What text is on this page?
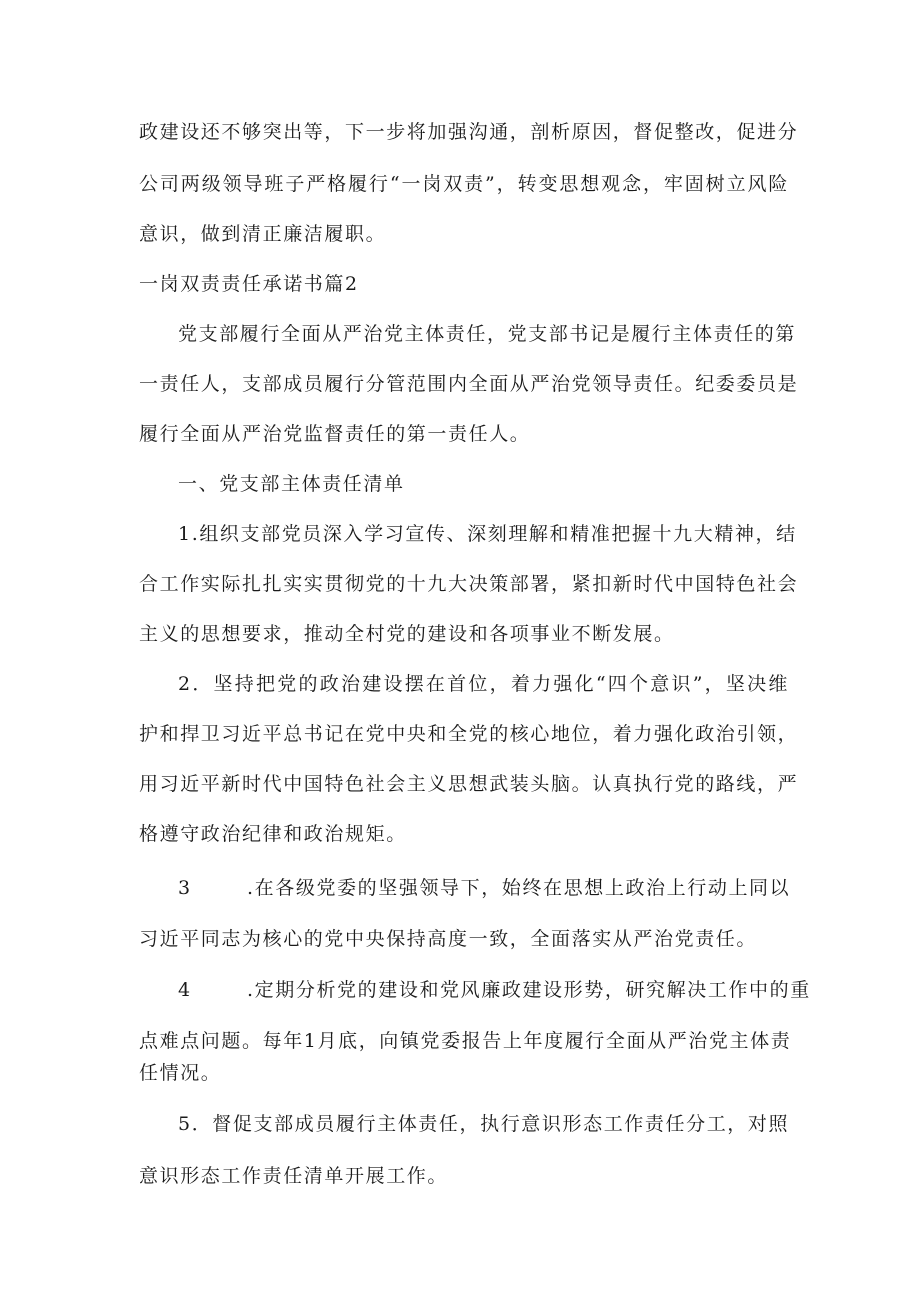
政建设还不够突出等，下一步将加强沟通，剖析原因，督促整改，促进分
公司两级领导班子严格履行“一岗双责”，转变思想观念，牢固树立风险
意识，做到清正廉洁履职。
一岗双责责任承诺书篇2
党支部履行全面从严治党主体责任，党支部书记是履行主体责任的第
一责任人，支部成员履行分管范围内全面从严治党领导责任。纪委委员是
履行全面从严治党监督责任的第一责任人。
一、党支部主体责任清单
1.组织支部党员深入学习宣传、深刻理解和精准把握十九大精神，结
合工作实际扎扎实实贯彻党的十九大决策部署，紧扣新时代中国特色社会
主义的思想要求，推动全村党的建设和各项事业不断发展。
2．坚持把党的政治建设摆在首位，着力强化“四个意识”，坚决维
护和捍卫习近平总书记在党中央和全党的核心地位，着力强化政治引领，
用习近平新时代中国特色社会主义思想武装头脑。认真执行党的路线，严
格遵守政治纪律和政治规矩。
3	.在各级党委的坚强领导下，始终在思想上政治上行动上同以
习近平同志为核心的党中央保持高度一致，全面落实从严治党责任。
4	.定期分析党的建设和党风廉政建设形势，研究解决工作中的重
点难点问题。每年1月底，向镇党委报告上年度履行全面从严治党主体责
任情况。
5．督促支部成员履行主体责任，执行意识形态工作责任分工，对照
意识形态工作责任清单开展工作。
